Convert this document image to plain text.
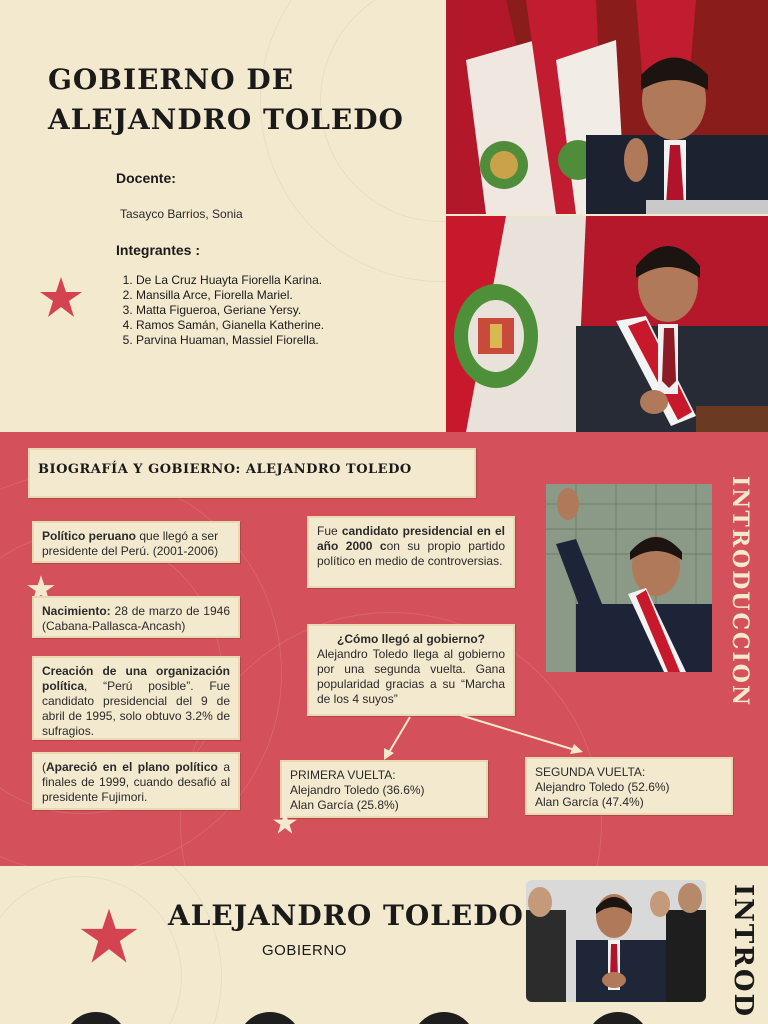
GOBIERNO DE
ALEJANDRO TOLEDO
Docente:
Tasayco Barrios, Sonia
Integrantes :
1. De La Cruz Huayta Fiorella Karina.
2. Mansilla Arce, Fiorella Mariel.
3. Matta Figueroa, Geriane Yersy.
4. Ramos Samán, Gianella Katherine.
5. Parvina Huaman, Massiel Fiorella.
BIOGRAFÍA Y GOBIERNO: ALEJANDRO TOLEDO
Político peruano que llegó a ser presidente del Perú. (2001-2006)
Nacimiento: 28 de marzo de 1946 (Cabana-Pallasca-Ancash)
Creación de una organización política, “Perú posible”. Fue candidato presidencial del 9 de abril de 1995, solo obtuvo 3.2% de sufragios.
(Apareció en el plano político a finales de 1999, cuando desafió al presidente Fujimori.
Fue candidato presidencial en el año 2000 con su propio partido político en medio de controversias.
¿Cómo llegó al gobierno?
Alejandro Toledo llega al gobierno por una segunda vuelta. Gana popularidad gracias a su “Marcha de los 4 suyos”
PRIMERA VUELTA:
Alejandro Toledo (36.6%)
Alan García (25.8%)
SEGUNDA VUELTA:
Alejandro Toledo (52.6%)
Alan García (47.4%)
INTRODUCCION
ALEJANDRO TOLEDO
GOBIERNO	INTROD
